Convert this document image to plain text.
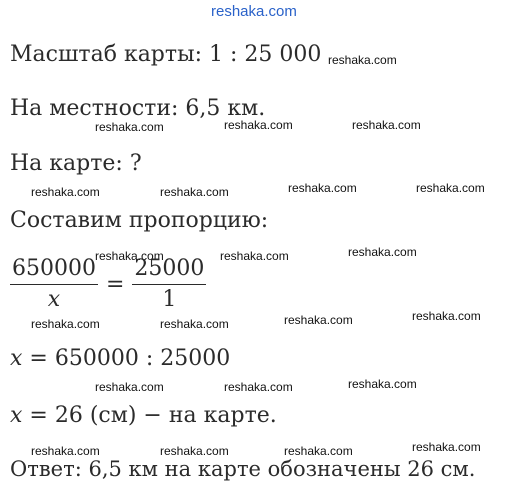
reshaka.com
reshaka.com
reshaka.com	reshaka.com	reshaka.com
reshaka.com	reshaka.com	reshaka.com	reshaka.com
reshaka.com	reshaka.com	reshaka.com
reshaka.com	reshaka.com	reshaka.com	reshaka.com
reshaka.com	reshaka.com	reshaka.com
reshaka.com	reshaka.com	reshaka.com	reshaka.com
Масштаб карты: 1 : 25 000
На местности: 6,5 км.
На карте: ?
Составим пропорцию:
$\frac{650000}{x} = \frac{25000}{1}$
x = 650000 : 25000
x = 26 (см) − на карте.
Ответ: 6,5 км на карте обозначены 26 см.
